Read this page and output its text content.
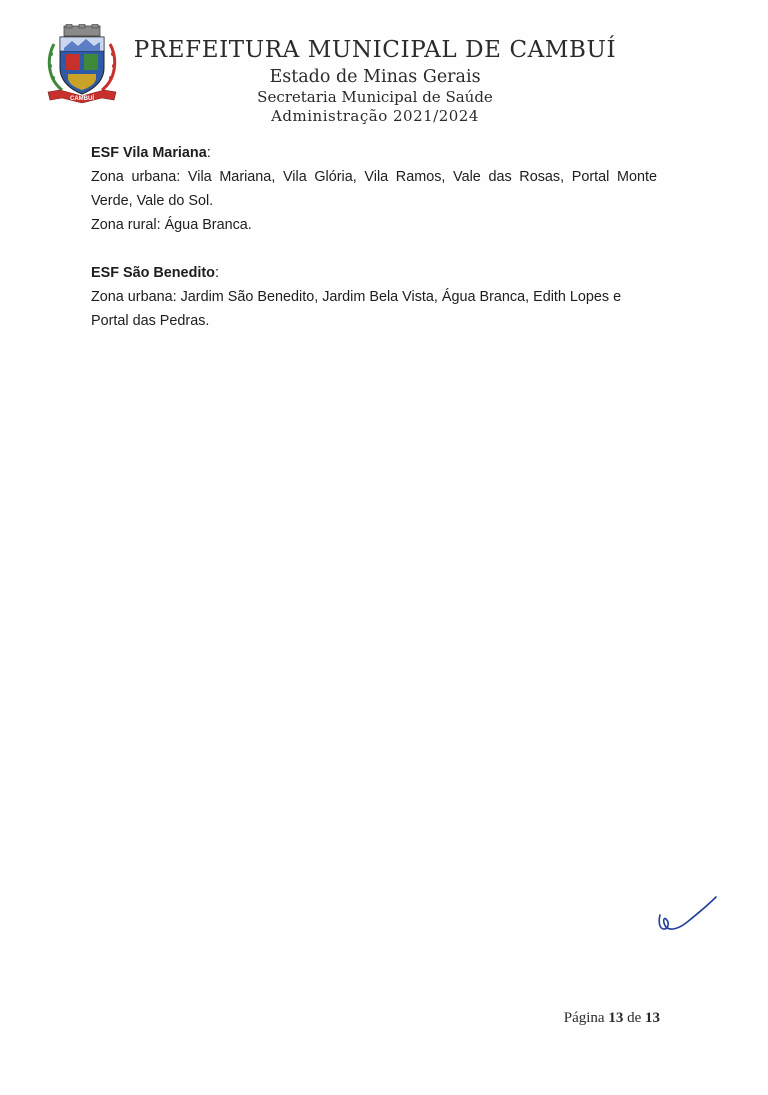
CAMBUÍ
PREFEITURA MUNICIPAL DE CAMBUÍ
Estado de Minas Gerais
Secretaria Municipal de Saúde
Administração 2021/2024
ESF Vila Mariana:
Zona urbana: Vila Mariana, Vila Glória, Vila Ramos, Vale das Rosas, Portal Monte
Verde, Vale do Sol.
Zona rural: Água Branca.
ESF São Benedito:
Zona urbana: Jardim São Benedito, Jardim Bela Vista, Água Branca, Edith Lopes e
Portal das Pedras.
Página 13 de 13
